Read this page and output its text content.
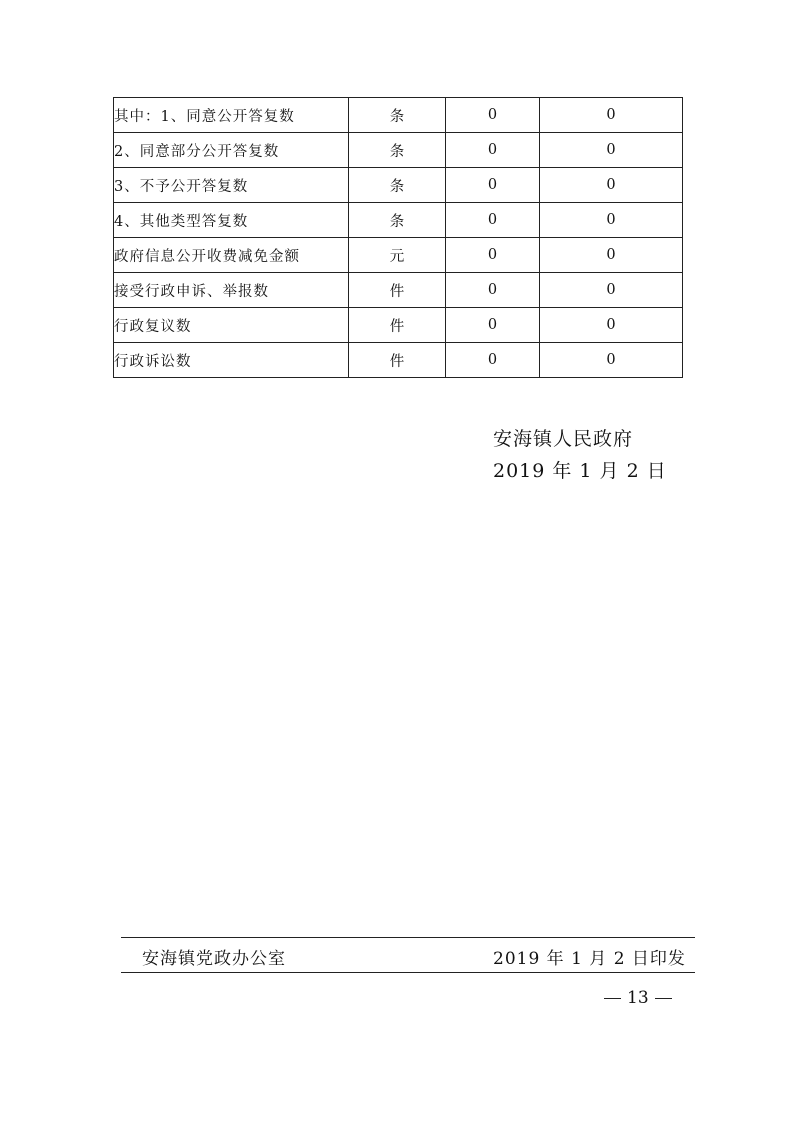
其中：1、同意公开答复数	条	0	0
2、同意部分公开答复数	条	0	0
3、不予公开答复数	条	0	0
4、其他类型答复数	条	0	0
政府信息公开收费减免金额	元	0	0
接受行政申诉、举报数	件	0	0
行政复议数	件	0	0
行政诉讼数	件	0	0
安海镇人民政府
2019 年 1 月 2 日
安海镇党政办公室	2019 年 1 月 2 日印发
13
